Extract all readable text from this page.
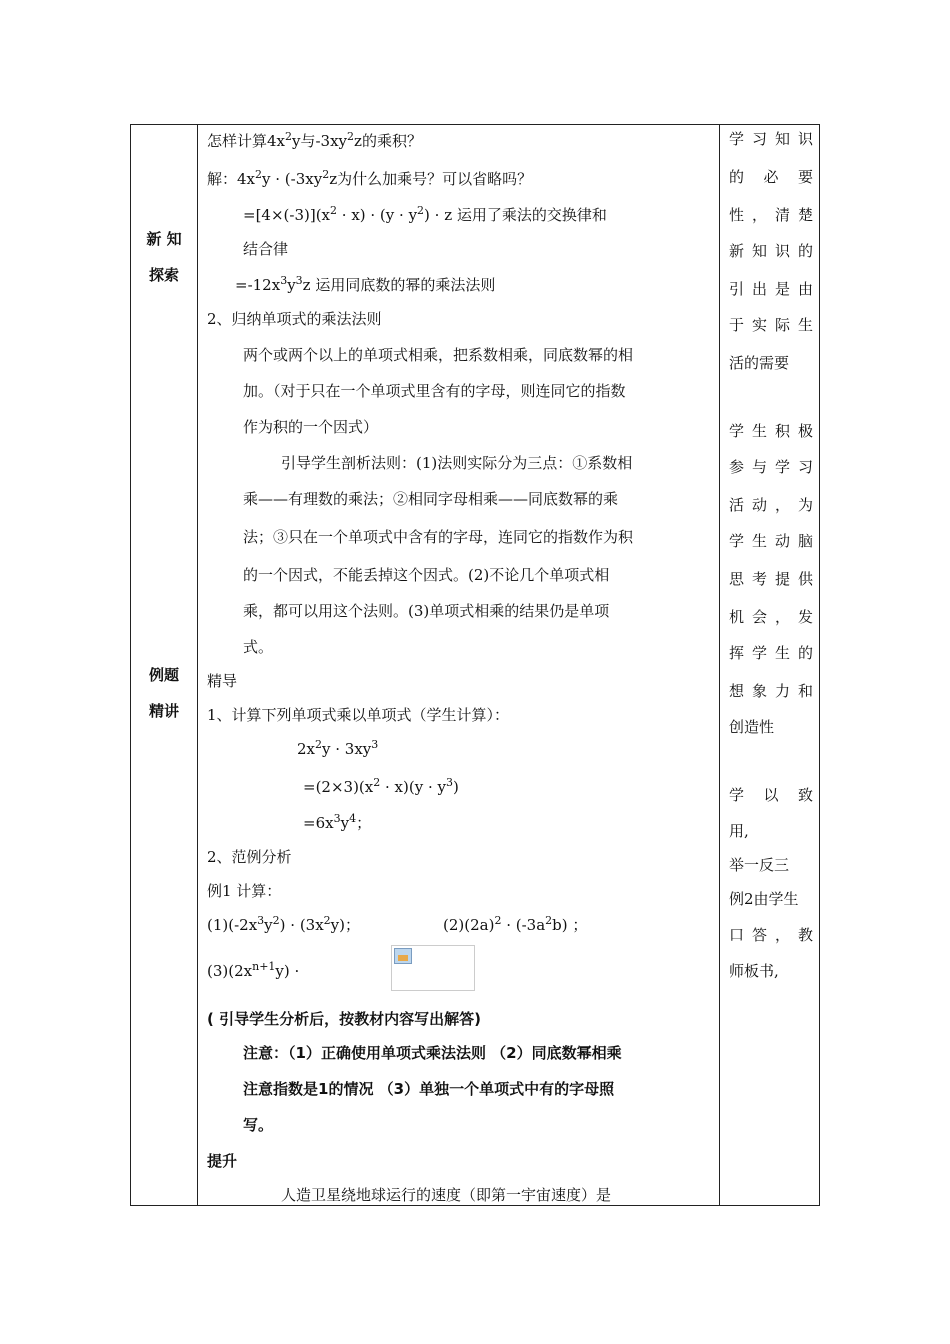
新 知
探索
例题
精讲
怎样计算$4x^2y$与$-3xy^2z$的乘积？
解：$4x^2y \cdot (-3xy^2z$为什么加乘号？可以省略吗？
$=[4\times(-3)](x^2 \cdot x) \cdot (y \cdot y^2) \cdot z$ 运用了乘法的交换律和
结合律
$=-12x^3y^3z$ 运用同底数的幂的乘法法则
2、归纳单项式的乘法法则
两个或两个以上的单项式相乘，把系数相乘，同底数幂的相
加。（对于只在一个单项式里含有的字母，则连同它的指数
作为积的一个因式）
引导学生剖析法则：(1)法则实际分为三点：①系数相
乘——有理数的乘法；②相同字母相乘——同底数幂的乘
法；③只在一个单项式中含有的字母，连同它的指数作为积
的一个因式，不能丢掉这个因式。(2)不论几个单项式相
乘，都可以用这个法则。(3)单项式相乘的结果仍是单项
式。
精导
1、计算下列单项式乘以单项式（学生计算）：
$2x^2y \cdot 3xy^3$
$=(2\times 3)(x^2 \cdot x)(y \cdot y^3)$
$=6x^3y^4$；
2、范例分析
例1 计算：
$(1)(-2x^3y^2) \cdot (3x^2y)$；	$(2)(2a)^2 \cdot (-3a^2b)$ ；
$(3)(2x^{n+1}y)$ ·
( 引导学生分析后，按教材内容写出解答)
注意：（1）正确使用单项式乘法法则 （2）同底数幂相乘
注意指数是1的情况 （3）单独一个单项式中有的字母照
写。
提升
人造卫星绕地球运行的速度（即第一宇宙速度）是
学习知识
的必要
性，清楚
新知识的
引出是由
于实际生
活的需要
学生积极
参与学习
活动，为
学生动脑
思考提供
机会，发
挥学生的
想象力和
创造性
学 以 致
用,
举一反三
例2由学生
口答，教
师板书,
